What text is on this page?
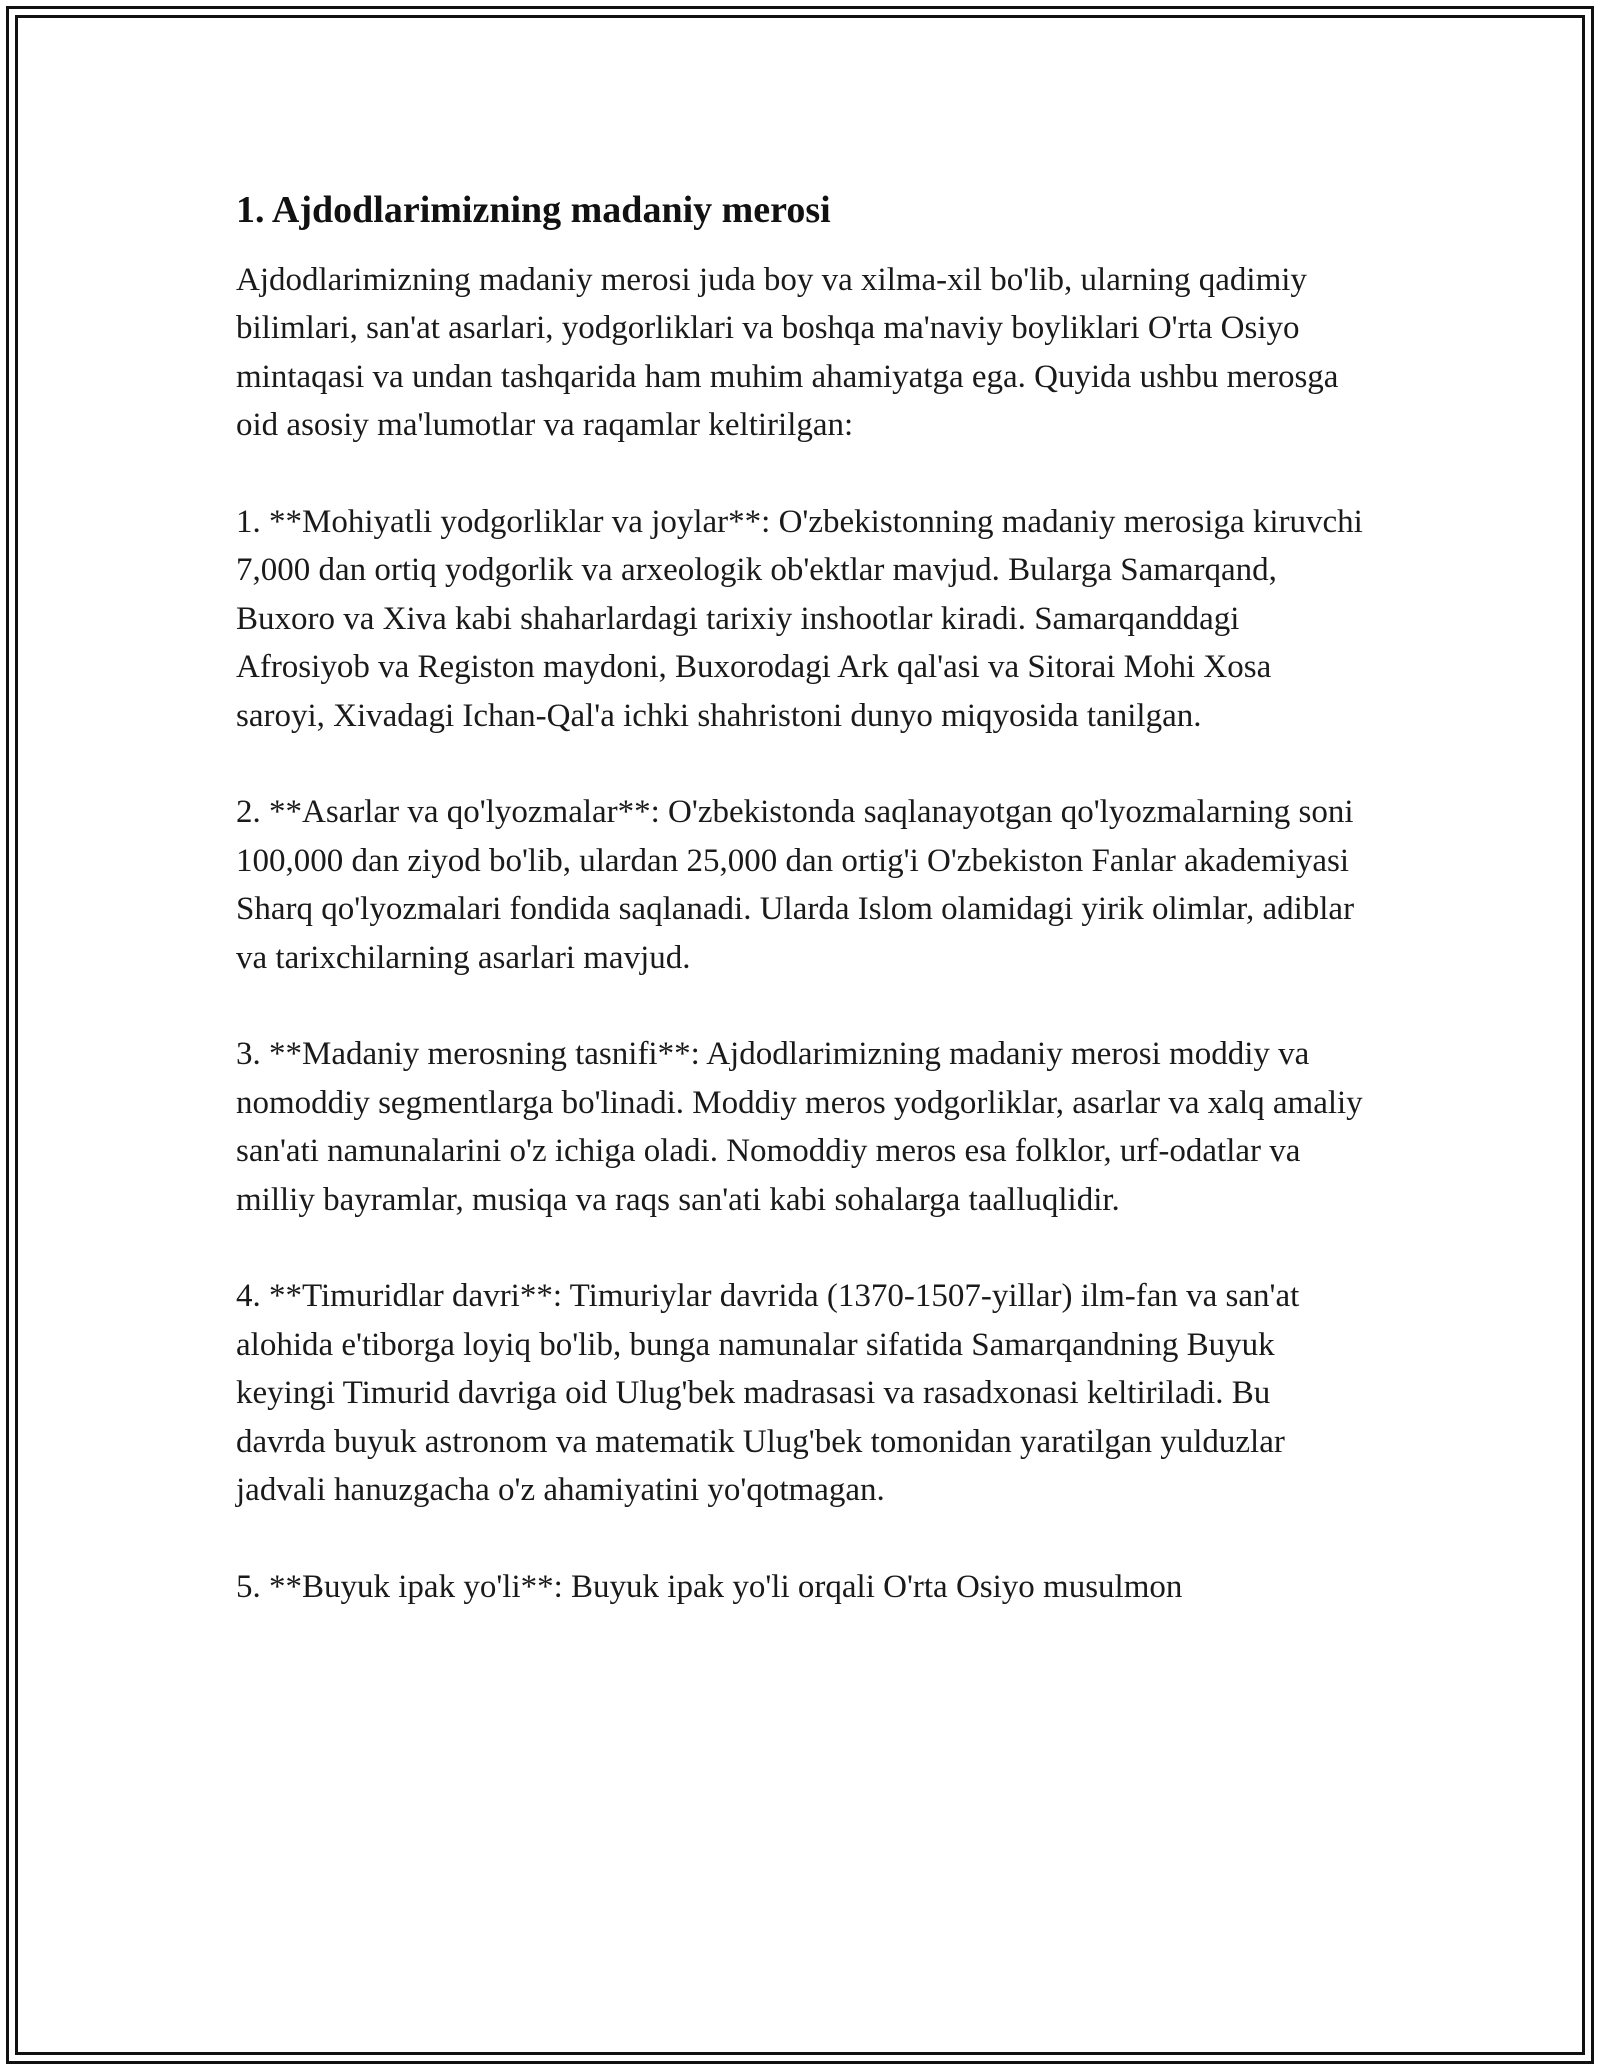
1. Ajdodlarimizning madaniy merosi

Ajdodlarimizning madaniy merosi juda boy va xilma-xil bo'lib, ularning qadimiy bilimlari, san'at asarlari, yodgorliklari va boshqa ma'naviy boyliklari O'rta Osiyo mintaqasi va undan tashqarida ham muhim ahamiyatga ega. Quyida ushbu merosga oid asosiy ma'lumotlar va raqamlar keltirilgan:

1. **Mohiyatli yodgorliklar va joylar**: O'zbekistonning madaniy merosiga kiruvchi 7,000 dan ortiq yodgorlik va arxeologik ob'ektlar mavjud. Bularga Samarqand, Buxoro va Xiva kabi shaharlardagi tarixiy inshootlar kiradi. Samarqanddagi Afrosiyob va Registon maydoni, Buxorodagi Ark qal'asi va Sitorai Mohi Xosa saroyi, Xivadagi Ichan-Qal'a ichki shahristoni dunyo miqyosida tanilgan.

2. **Asarlar va qo'lyozmalar**: O'zbekistonda saqlanayotgan qo'lyozmalarning soni 100,000 dan ziyod bo'lib, ulardan 25,000 dan ortig'i O'zbekiston Fanlar akademiyasi Sharq qo'lyozmalari fondida saqlanadi. Ularda Islom olamidagi yirik olimlar, adiblar va tarixchilarning asarlari mavjud.

3. **Madaniy merosning tasnifi**: Ajdodlarimizning madaniy merosi moddiy va nomoddiy segmentlarga bo'linadi. Moddiy meros yodgorliklar, asarlar va xalq amaliy san'ati namunalarini o'z ichiga oladi. Nomoddiy meros esa folklor, urf-odatlar va milliy bayramlar, musiqa va raqs san'ati kabi sohalarga taalluqlidir.

4. **Timuridlar davri**: Timuriylar davrida (1370-1507-yillar) ilm-fan va san'at alohida e'tiborga loyiq bo'lib, bunga namunalar sifatida Samarqandning Buyuk keyingi Timurid davriga oid Ulug'bek madrasasi va rasadxonasi keltiriladi. Bu davrda buyuk astronom va matematik Ulug'bek tomonidan yaratilgan yulduzlar jadvali hanuzgacha o'z ahamiyatini yo'qotmagan.

5. **Buyuk ipak yo'li**: Buyuk ipak yo'li orqali O'rta Osiyo musulmon
